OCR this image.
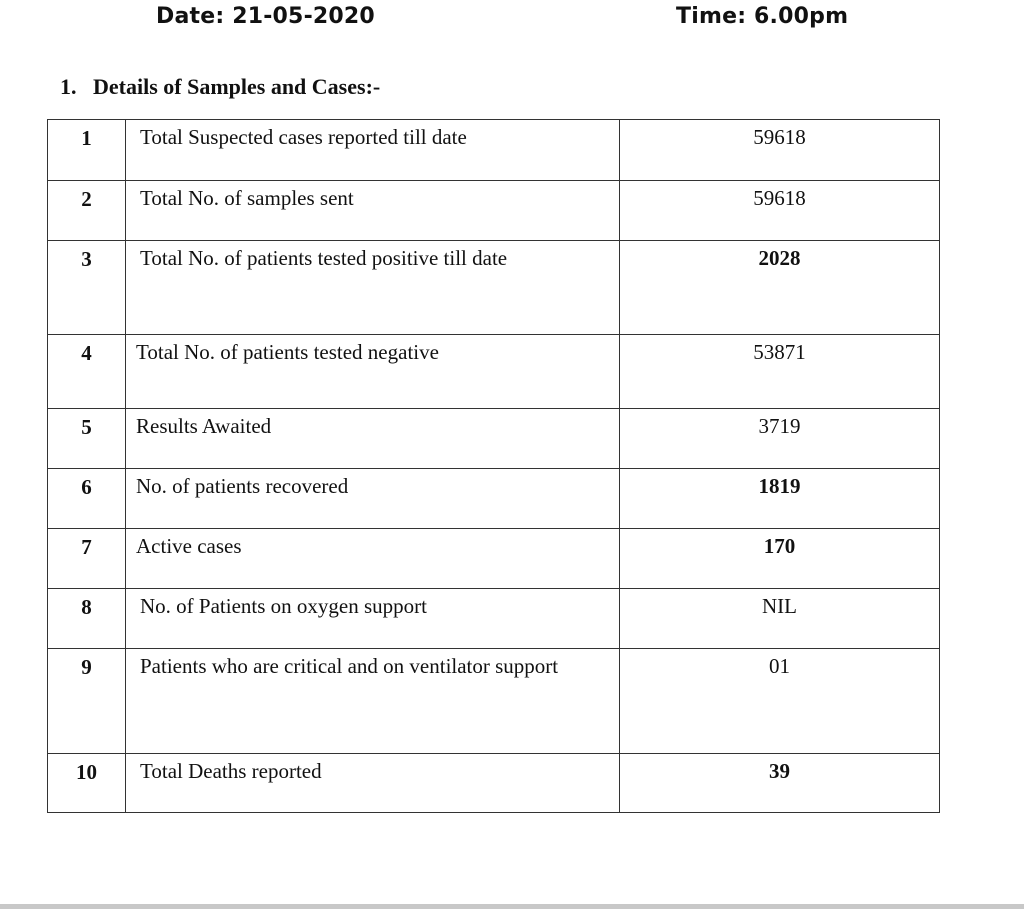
Date: 21-05-2020	Time: 6.00pm
1. Details of Samples and Cases:-
1	Total Suspected cases reported till date	59618
2	Total No. of samples sent	59618
3	Total No. of patients tested positive till date	2028
4	Total No. of patients tested negative	53871
5	Results Awaited	3719
6	No. of patients recovered	1819
7	Active cases	170
8	No. of Patients on oxygen support	NIL
9	Patients who are critical and on ventilator support	01
10	Total Deaths reported	39
